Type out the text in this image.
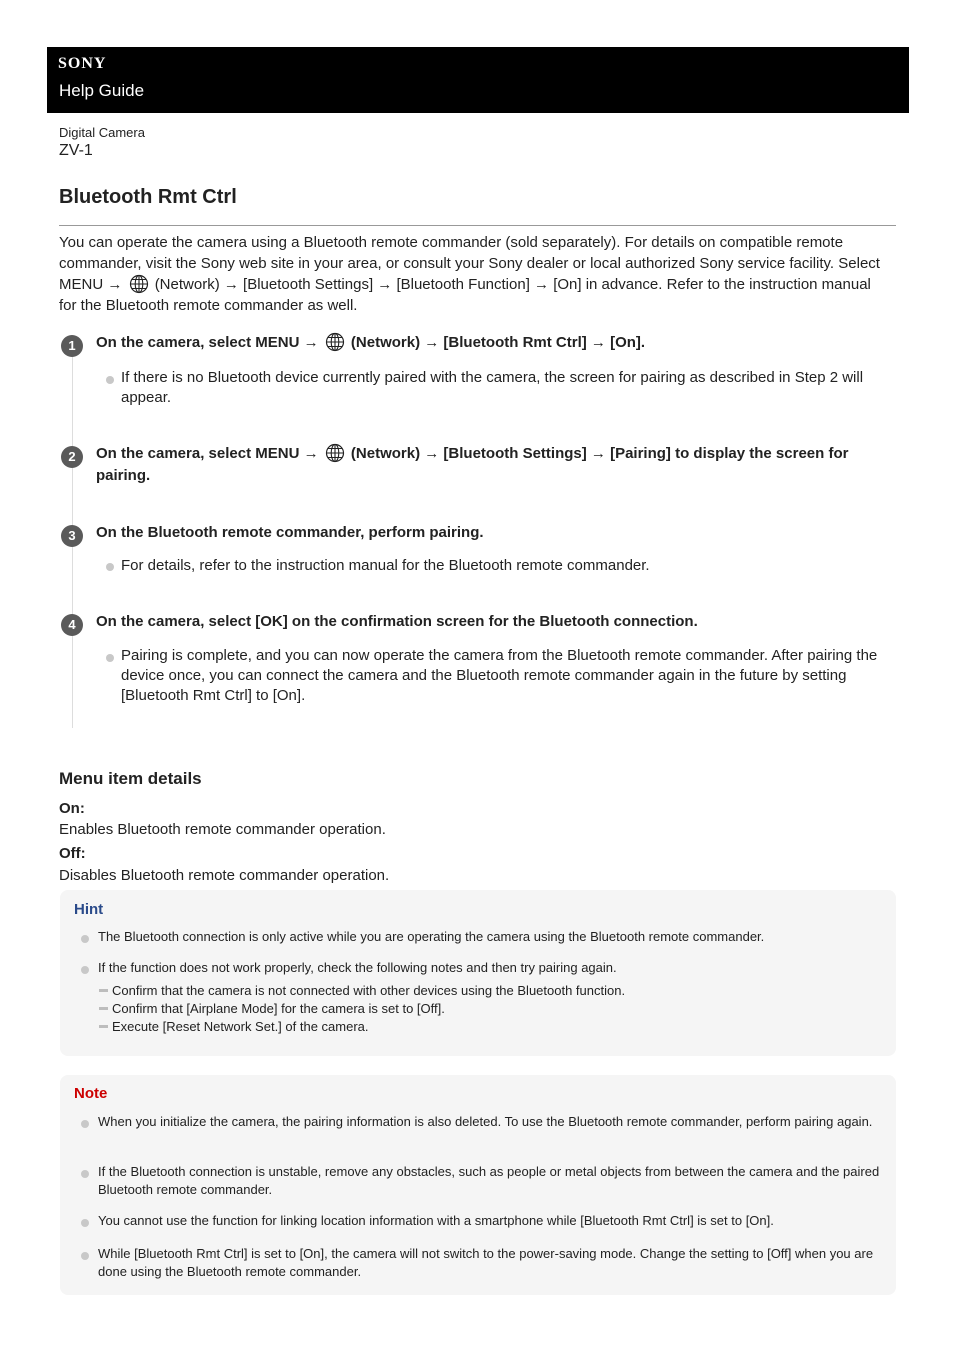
SONY
Help Guide
Digital Camera
ZV-1
Bluetooth Rmt Ctrl
You can operate the camera using a Bluetooth remote commander (sold separately). For details on compatible remote commander, visit the Sony web site in your area, or consult your Sony dealer or local authorized Sony service facility. Select MENU → (Network) → [Bluetooth Settings] → [Bluetooth Function] → [On] in advance. Refer to the instruction manual for the Bluetooth remote commander as well.
1	On the camera, select MENU → (Network) → [Bluetooth Rmt Ctrl] → [On].
If there is no Bluetooth device currently paired with the camera, the screen for pairing as described in Step 2 will appear.
2	On the camera, select MENU → (Network) → [Bluetooth Settings] → [Pairing] to display the screen for pairing.
3	On the Bluetooth remote commander, perform pairing.
For details, refer to the instruction manual for the Bluetooth remote commander.
4	On the camera, select [OK] on the confirmation screen for the Bluetooth connection.
Pairing is complete, and you can now operate the camera from the Bluetooth remote commander. After pairing the device once, you can connect the camera and the Bluetooth remote commander again in the future by setting [Bluetooth Rmt Ctrl] to [On].
Menu item details
On:
Enables Bluetooth remote commander operation.
Off:
Disables Bluetooth remote commander operation.
Hint
The Bluetooth connection is only active while you are operating the camera using the Bluetooth remote commander.
If the function does not work properly, check the following notes and then try pairing again.
Confirm that the camera is not connected with other devices using the Bluetooth function.
Confirm that [Airplane Mode] for the camera is set to [Off].
Execute [Reset Network Set.] of the camera.
Note
When you initialize the camera, the pairing information is also deleted. To use the Bluetooth remote commander, perform pairing again.
If the Bluetooth connection is unstable, remove any obstacles, such as people or metal objects from between the camera and the paired Bluetooth remote commander.
You cannot use the function for linking location information with a smartphone while [Bluetooth Rmt Ctrl] is set to [On].
While [Bluetooth Rmt Ctrl] is set to [On], the camera will not switch to the power-saving mode. Change the setting to [Off] when you are done using the Bluetooth remote commander.
